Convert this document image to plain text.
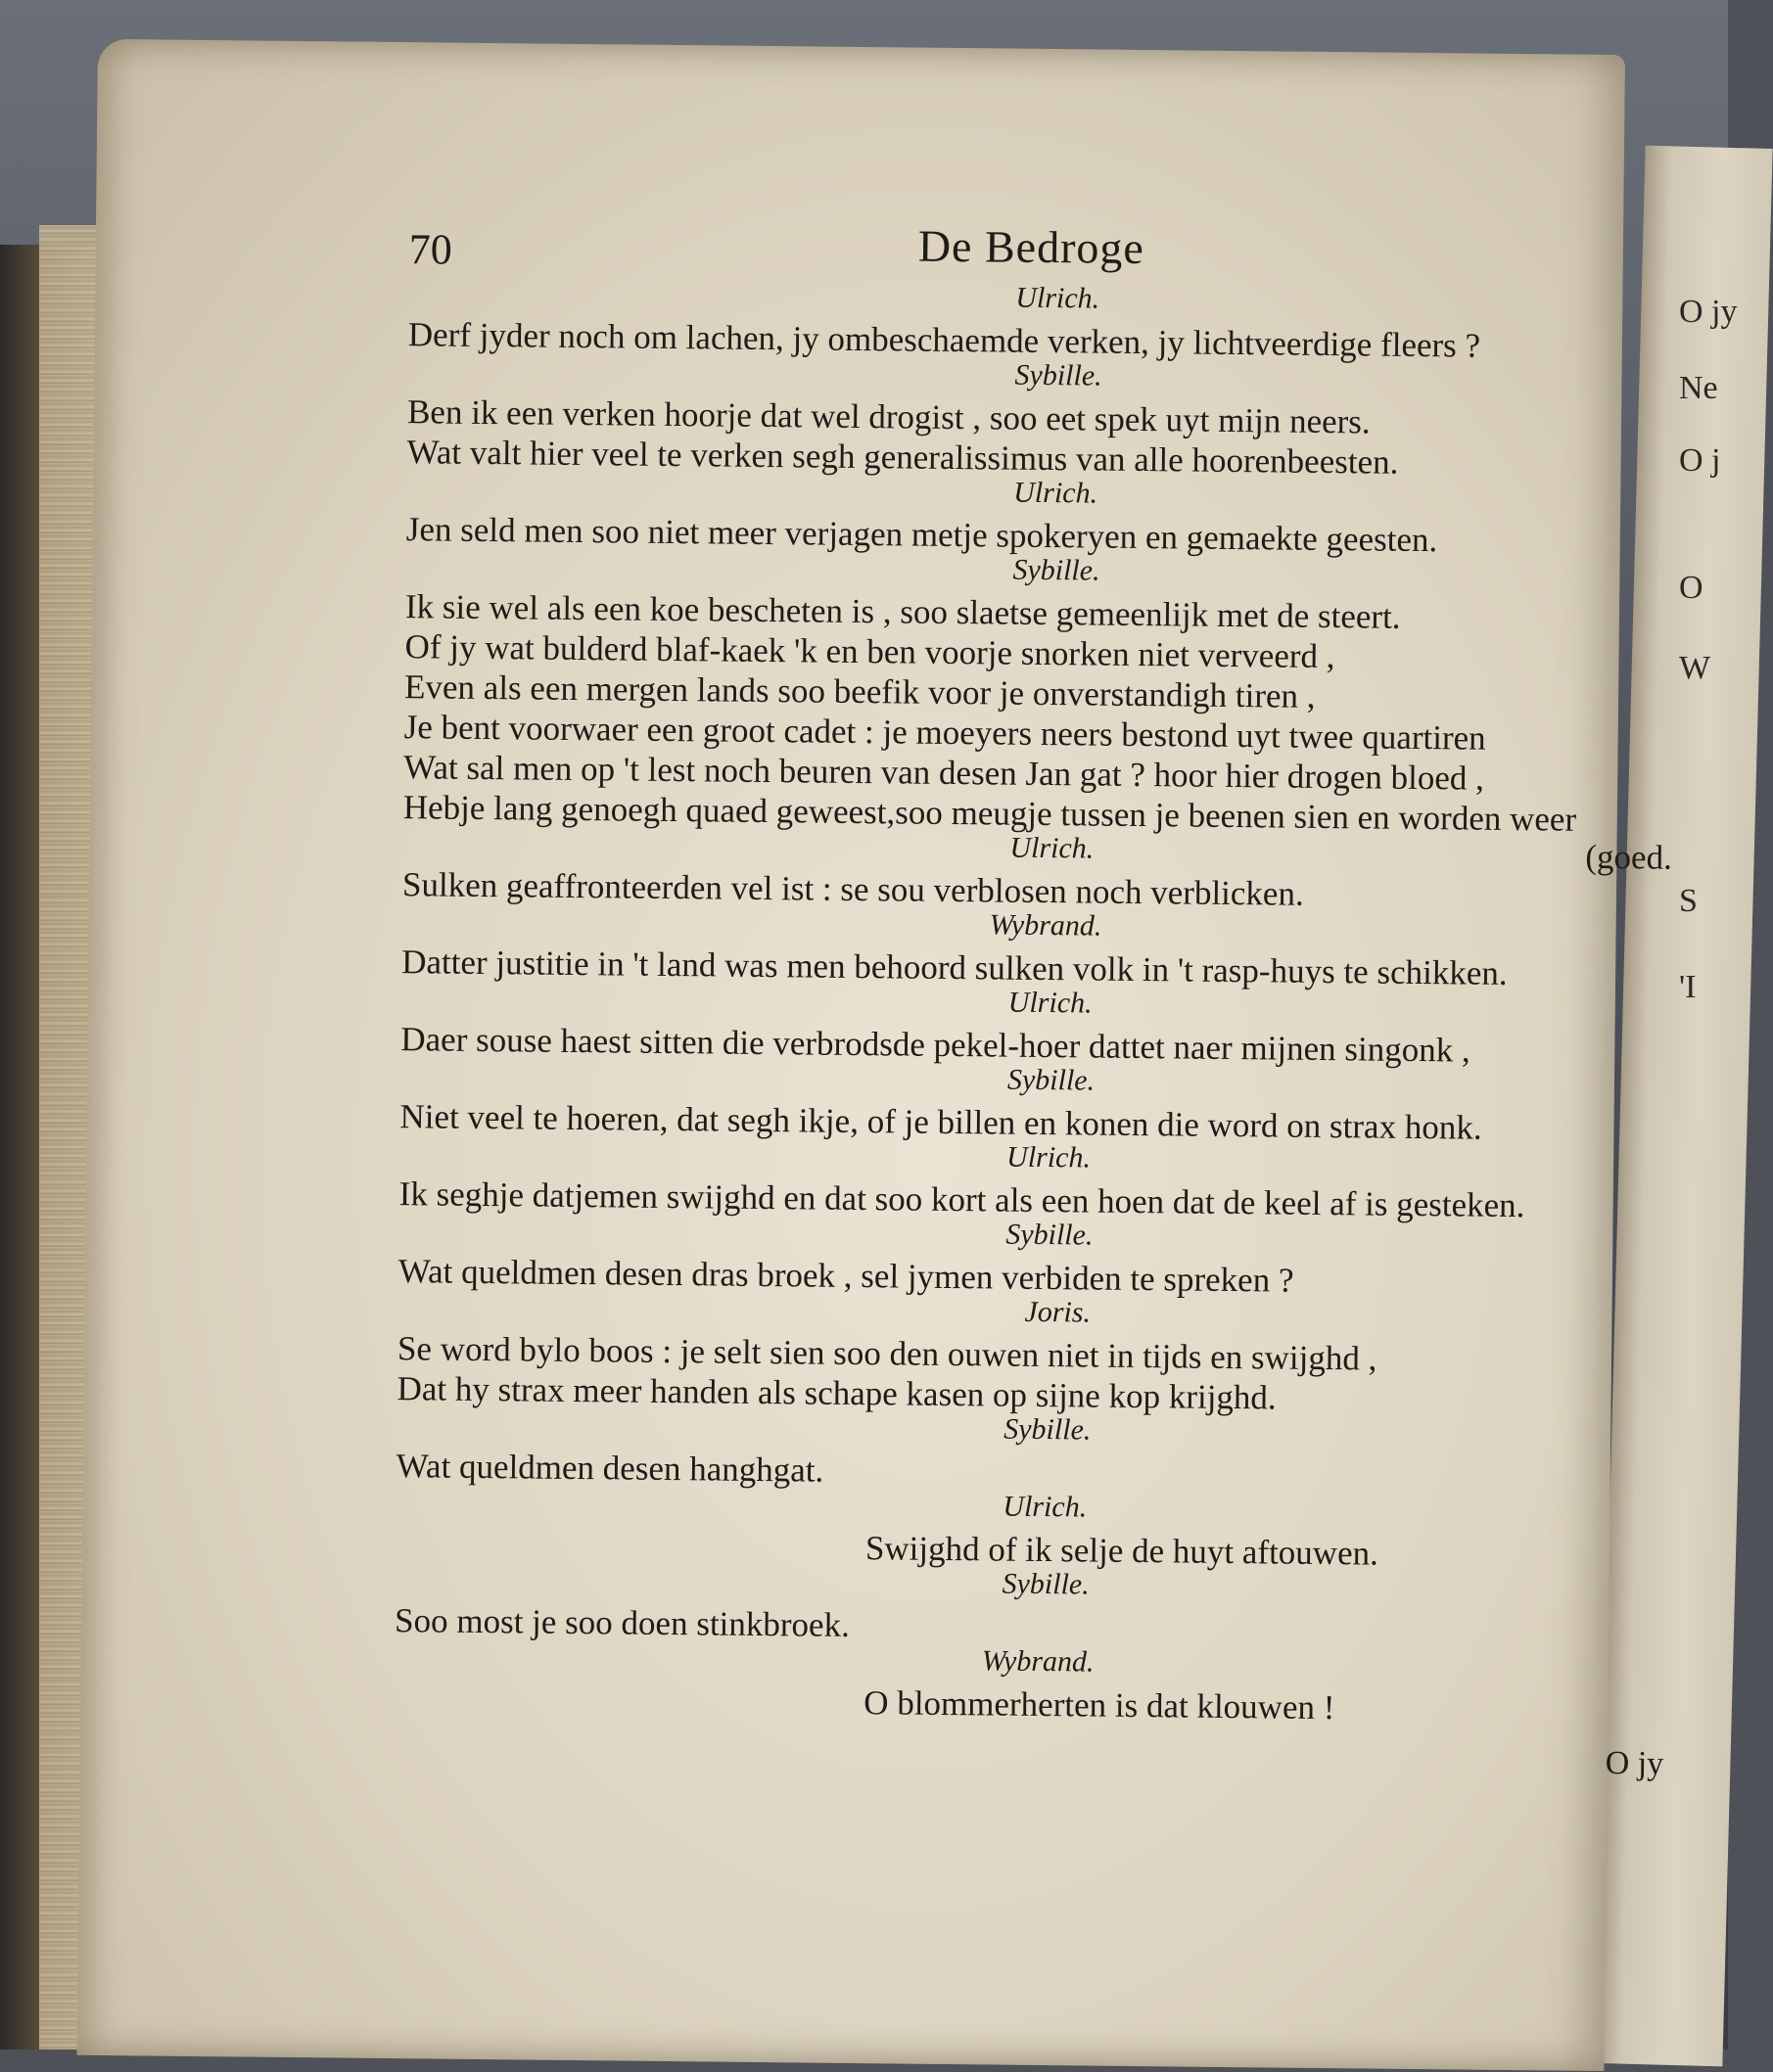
O jy
Ne
O j
O
W
S
'I
70	De Bedroge
Ulrich.
Derf jyder noch om lachen, jy ombeschaemde verken, jy lichtveerdige fleers ?
Sybille.
Ben ik een verken hoorje dat wel drogist , soo eet spek uyt mijn neers.
Wat valt hier veel te verken segh generalissimus van alle hoorenbeesten.
Ulrich.
Jen seld men soo niet meer verjagen metje spokeryen en gemaekte geesten.
Sybille.
Ik sie wel als een koe bescheten is , soo slaetse gemeenlijk met de steert.
Of jy wat bulderd blaf-kaek 'k en ben voorje snorken niet verveerd ,
Even als een mergen lands soo beefik voor je onverstandigh tiren ,
Je bent voorwaer een groot cadet : je moeyers neers bestond uyt twee quartiren
Wat sal men op 't lest noch beuren van desen Jan gat ? hoor hier drogen bloed ,
Hebje lang genoegh quaed geweest,soo meugje tussen je beenen sien en worden weer
Ulrich.	(goed.
Sulken geaffronteerden vel ist : se sou verblosen noch verblicken.
Wybrand.
Datter justitie in 't land was men behoord sulken volk in 't rasp-huys te schikken.
Ulrich.
Daer souse haest sitten die verbrodsde pekel-hoer dattet naer mijnen singonk ,
Sybille.
Niet veel te hoeren, dat segh ikje, of je billen en konen die word on strax honk.
Ulrich.
Ik seghje datjemen swijghd en dat soo kort als een hoen dat de keel af is gesteken.
Sybille.
Wat queldmen desen dras broek , sel jymen verbiden te spreken ?
Joris.
Se word bylo boos : je selt sien soo den ouwen niet in tijds en swijghd ,
Dat hy strax meer handen als schape kasen op sijne kop krijghd.
Sybille.
Wat queldmen desen hanghgat.
Ulrich.
Swijghd of ik selje de huyt aftouwen.
Sybille.
Soo most je soo doen stinkbroek.
Wybrand.
O blommerherten is dat klouwen !
O jy
